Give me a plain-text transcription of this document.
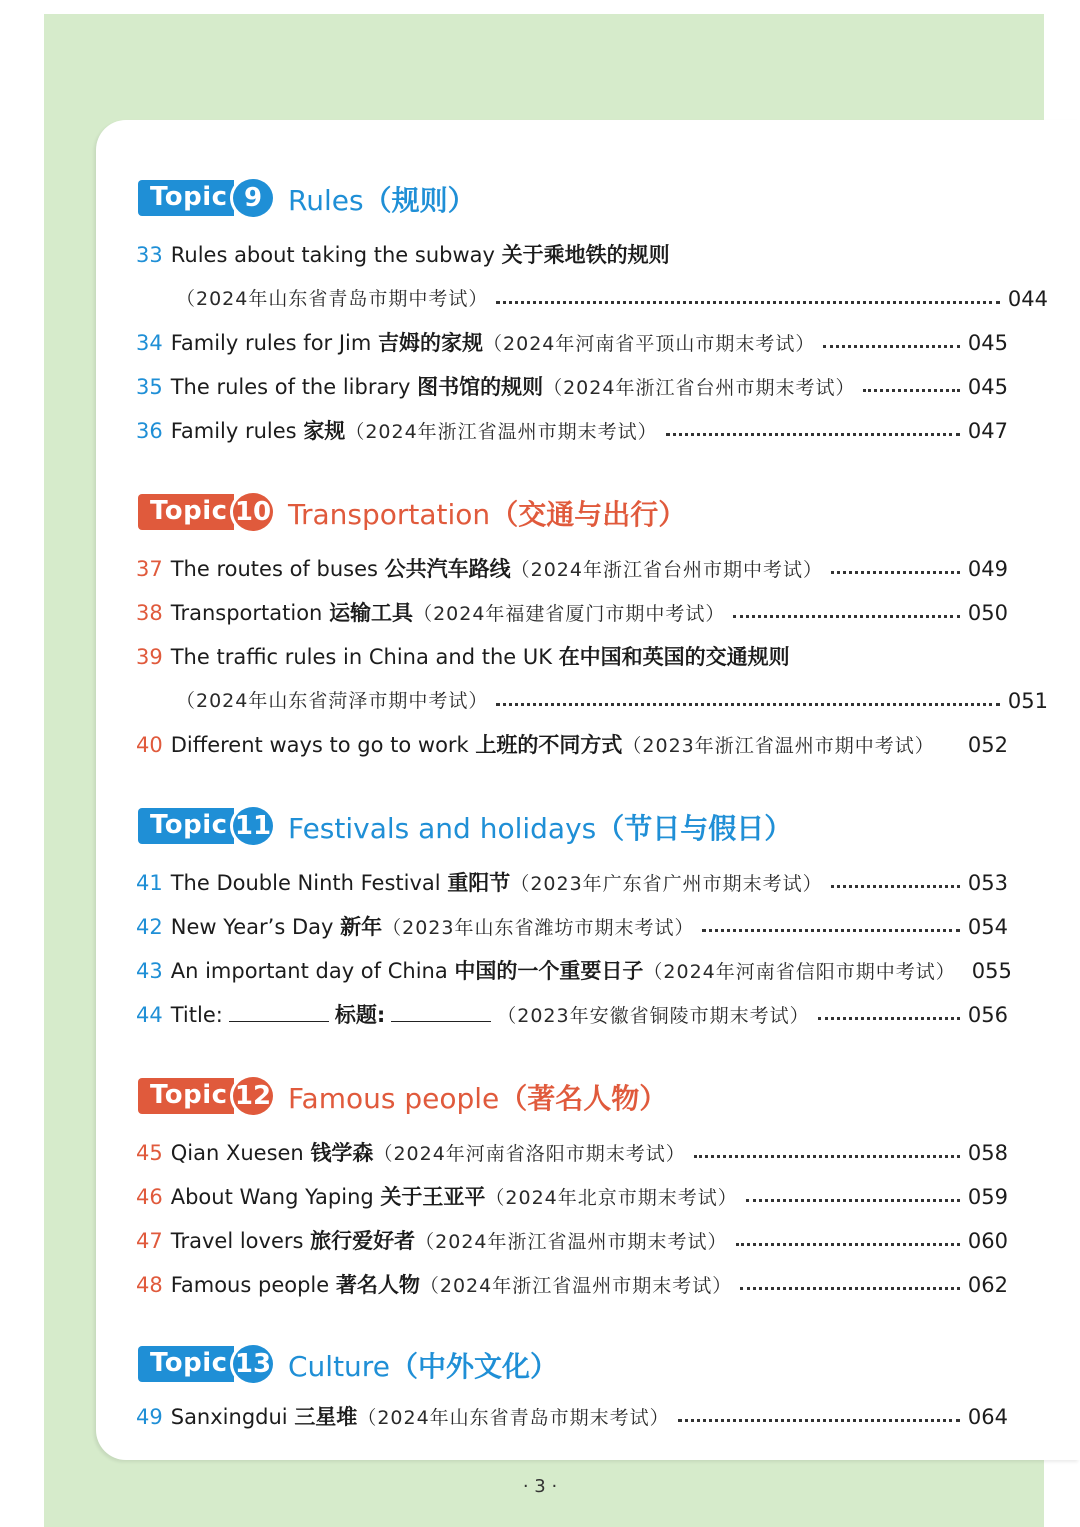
Topic 9 Rules（规则）
33 Rules about taking the subway 关于乘地铁的规则
（2024年山东省青岛市期中考试）	044
34 Family rules for Jim 吉姆的家规（2024年河南省平顶山市期末考试）	045
35 The rules of the library 图书馆的规则（2024年浙江省台州市期末考试）	045
36 Family rules 家规（2024年浙江省温州市期末考试）	047
Topic 10 Transportation（交通与出行）
37 The routes of buses 公共汽车路线（2024年浙江省台州市期中考试）	049
38 Transportation 运输工具（2024年福建省厦门市期中考试）	050
39 The traffic rules in China and the UK 在中国和英国的交通规则
（2024年山东省菏泽市期中考试）	051
40 Different ways to go to work 上班的不同方式（2023年浙江省温州市期中考试） 052
Topic 11 Festivals and holidays（节日与假日）
41 The Double Ninth Festival 重阳节（2023年广东省广州市期末考试）	053
42 New Year’s Day 新年（2023年山东省潍坊市期末考试）	054
43 An important day of China 中国的一个重要日子（2024年河南省信阳市期中考试） 055
44 Title:	标题:	（2023年安徽省铜陵市期末考试）	056
Topic 12 Famous people（著名人物）
45 Qian Xuesen 钱学森（2024年河南省洛阳市期末考试）	058
46 About Wang Yaping 关于王亚平（2024年北京市期末考试）	059
47 Travel lovers 旅行爱好者（2024年浙江省温州市期末考试）	060
48 Famous people 著名人物（2024年浙江省温州市期末考试）	062
Topic 13 Culture（中外文化）
49 Sanxingdui 三星堆（2024年山东省青岛市期末考试）	064
· 3 ·
